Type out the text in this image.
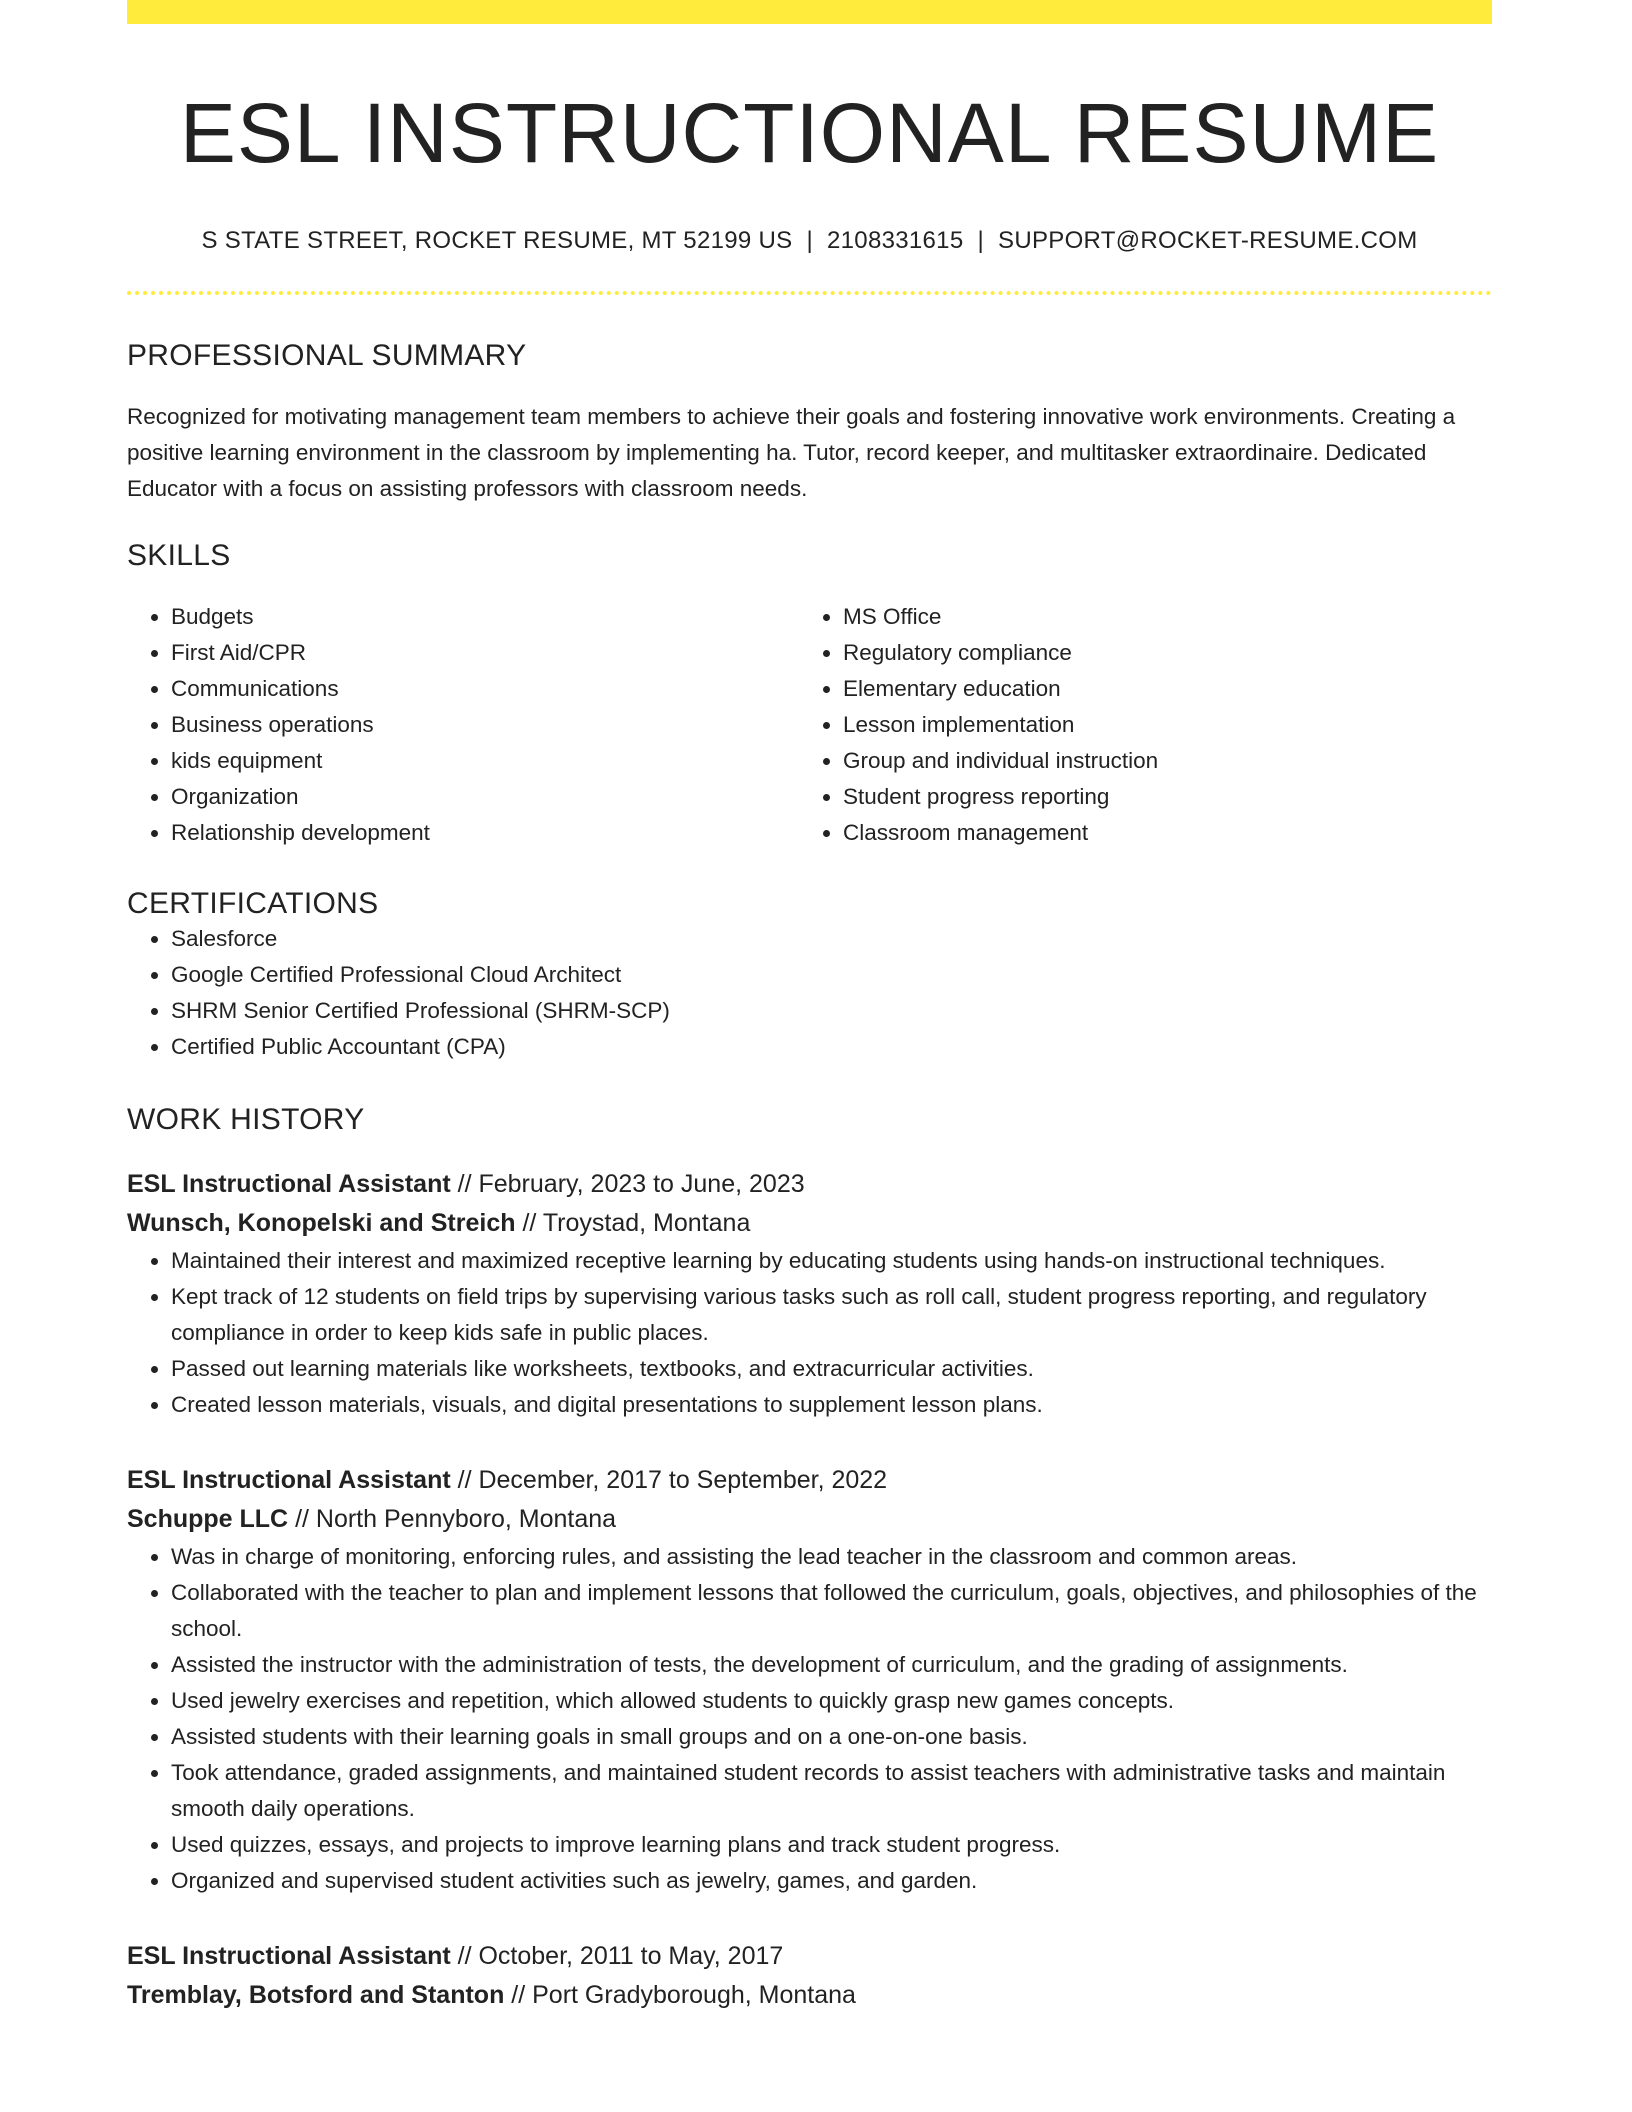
ESL INSTRUCTIONAL RESUME
S STATE STREET, ROCKET RESUME, MT 52199 US | 2108331615 | SUPPORT@ROCKET-RESUME.COM
PROFESSIONAL SUMMARY

Recognized for motivating management team members to achieve their goals and fostering innovative work environments. Creating a positive learning environment in the classroom by implementing ha. Tutor, record keeper, and multitasker extraordinaire. Dedicated Educator with a focus on assisting professors with classroom needs.

SKILLS
• Budgets
• First Aid/CPR
• Communications
• Business operations
• kids equipment
• Organization
• Relationship development
• MS Office
• Regulatory compliance
• Elementary education
• Lesson implementation
• Group and individual instruction
• Student progress reporting
• Classroom management
CERTIFICATIONS
• Salesforce
• Google Certified Professional Cloud Architect
• SHRM Senior Certified Professional (SHRM-SCP)
• Certified Public Accountant (CPA)
WORK HISTORY
ESL Instructional Assistant // February, 2023 to June, 2023
Wunsch, Konopelski and Streich // Troystad, Montana
• Maintained their interest and maximized receptive learning by educating students using hands-on instructional techniques.
• Kept track of 12 students on field trips by supervising various tasks such as roll call, student progress reporting, and regulatory compliance in order to keep kids safe in public places.
• Passed out learning materials like worksheets, textbooks, and extracurricular activities.
• Created lesson materials, visuals, and digital presentations to supplement lesson plans.
ESL Instructional Assistant // December, 2017 to September, 2022
Schuppe LLC // North Pennyboro, Montana
• Was in charge of monitoring, enforcing rules, and assisting the lead teacher in the classroom and common areas.
• Collaborated with the teacher to plan and implement lessons that followed the curriculum, goals, objectives, and philosophies of the school.
• Assisted the instructor with the administration of tests, the development of curriculum, and the grading of assignments.
• Used jewelry exercises and repetition, which allowed students to quickly grasp new games concepts.
• Assisted students with their learning goals in small groups and on a one-on-one basis.
• Took attendance, graded assignments, and maintained student records to assist teachers with administrative tasks and maintain smooth daily operations.
• Used quizzes, essays, and projects to improve learning plans and track student progress.
• Organized and supervised student activities such as jewelry, games, and garden.
ESL Instructional Assistant // October, 2011 to May, 2017
Tremblay, Botsford and Stanton // Port Gradyborough, Montana
